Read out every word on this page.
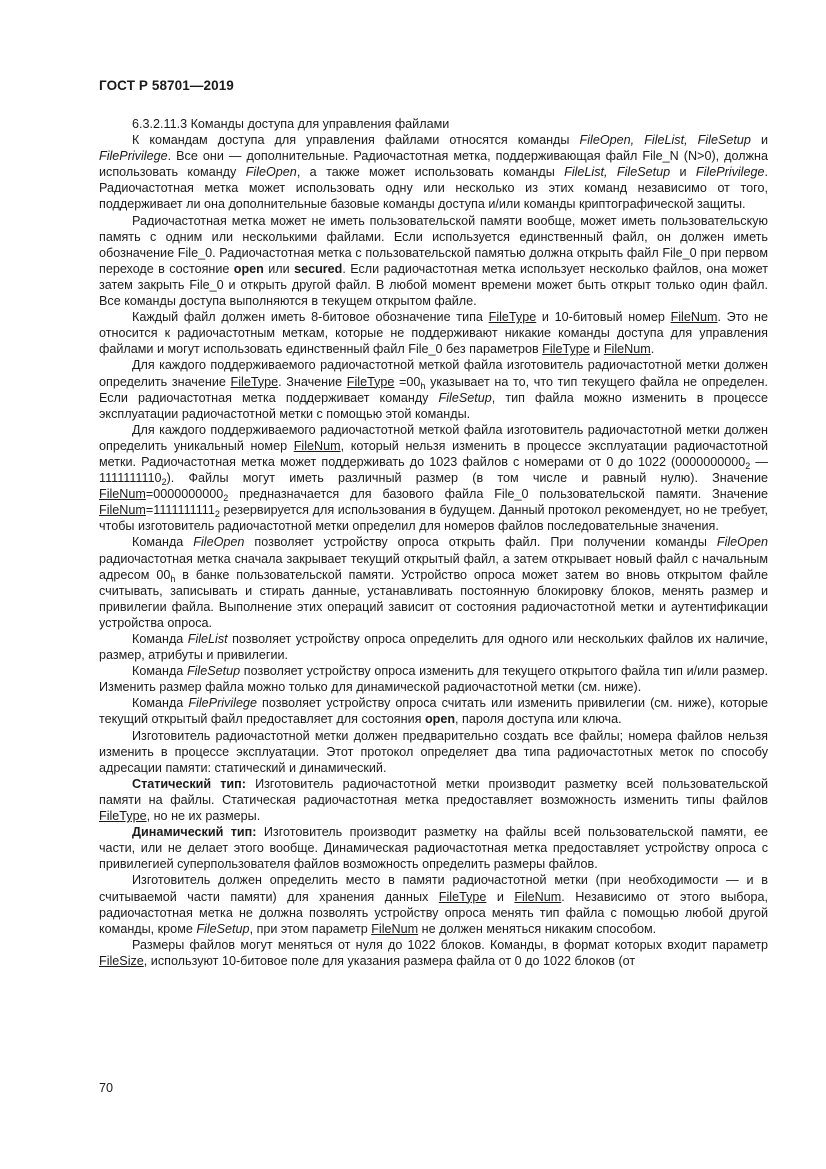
ГОСТ Р 58701—2019

6.3.2.11.3 Команды доступа для управления файлами

К командам доступа для управления файлами относятся команды FileOpen, FileList, FileSetup и FilePrivilege. Все они — дополнительные. Радиочастотная метка, поддерживающая файл File_N (N>0), должна использовать команду FileOpen, а также может использовать команды FileList, FileSetup и FilePrivilege. Радиочастотная метка может использовать одну или несколько из этих команд независимо от того, поддерживает ли она дополнительные базовые команды доступа и/или команды криптографической защиты.

Радиочастотная метка может не иметь пользовательской памяти вообще, может иметь пользовательскую память с одним или несколькими файлами. Если используется единственный файл, он должен иметь обозначение File_0. Радиочастотная метка с пользовательской памятью должна открыть файл File_0 при первом переходе в состояние open или secured. Если радиочастотная метка использует несколько файлов, она может затем закрыть File_0 и открыть другой файл. В любой момент времени может быть открыт только один файл. Все команды доступа выполняются в текущем открытом файле.

Каждый файл должен иметь 8-битовое обозначение типа FileType и 10-битовый номер FileNum. Это не относится к радиочастотным меткам, которые не поддерживают никакие команды доступа для управления файлами и могут использовать единственный файл File_0 без параметров FileType и FileNum.

Для каждого поддерживаемого радиочастотной меткой файла изготовитель радиочастотной метки должен определить значение FileType. Значение FileType $=00_h$ указывает на то, что тип текущего файла не определен. Если радиочастотная метка поддерживает команду FileSetup, тип файла можно изменить в процессе эксплуатации радиочастотной метки с помощью этой команды.

Для каждого поддерживаемого радиочастотной меткой файла изготовитель радиочастотной метки должен определить уникальный номер FileNum, который нельзя изменить в процессе эксплуатации радиочастотной метки. Радиочастотная метка может поддерживать до 1023 файлов с номерами от 0 до 1022 ($0000000000_2$ — $1111111110_2$). Файлы могут иметь различный размер (в том числе и равный нулю). Значение $FileNum=0000000000_2$ предназначается для базового файла File_0 пользовательской памяти. Значение $FileNum=1111111111_2$ резервируется для использования в будущем. Данный протокол рекомендует, но не требует, чтобы изготовитель радиочастотной метки определил для номеров файлов последовательные значения.

Команда FileOpen позволяет устройству опроса открыть файл. При получении команды FileOpen радиочастотная метка сначала закрывает текущий открытый файл, а затем открывает новый файл с начальным адресом $00_h$ в банке пользовательской памяти. Устройство опроса может затем во вновь открытом файле считывать, записывать и стирать данные, устанавливать постоянную блокировку блоков, менять размер и привилегии файла. Выполнение этих операций зависит от состояния радиочастотной метки и аутентификации устройства опроса.

Команда FileList позволяет устройству опроса определить для одного или нескольких файлов их наличие, размер, атрибуты и привилегии.

Команда FileSetup позволяет устройству опроса изменить для текущего открытого файла тип и/или размер. Изменить размер файла можно только для динамической радиочастотной метки (см. ниже).

Команда FilePrivilege позволяет устройству опроса считать или изменить привилегии (см. ниже), которые текущий открытый файл предоставляет для состояния open, пароля доступа или ключа.

Изготовитель радиочастотной метки должен предварительно создать все файлы; номера файлов нельзя изменить в процессе эксплуатации. Этот протокол определяет два типа радиочастотных меток по способу адресации памяти: статический и динамический.

Статический тип: Изготовитель радиочастотной метки производит разметку всей пользовательской памяти на файлы. Статическая радиочастотная метка предоставляет возможность изменить типы файлов FileType, но не их размеры.

Динамический тип: Изготовитель производит разметку на файлы всей пользовательской памяти, ее части, или не делает этого вообще. Динамическая радиочастотная метка предоставляет устройству опроса с привилегией суперпользователя файлов возможность определить размеры файлов.

Изготовитель должен определить место в памяти радиочастотной метки (при необходимости — и в считываемой части памяти) для хранения данных FileType и FileNum. Независимо от этого выбора, радиочастотная метка не должна позволять устройству опроса менять тип файла с помощью любой другой команды, кроме FileSetup, при этом параметр FileNum не должен меняться никаким способом.

Размеры файлов могут меняться от нуля до 1022 блоков. Команды, в формат которых входит параметр FileSize, используют 10-битовое поле для указания размера файла от 0 до 1022 блоков (от

70
